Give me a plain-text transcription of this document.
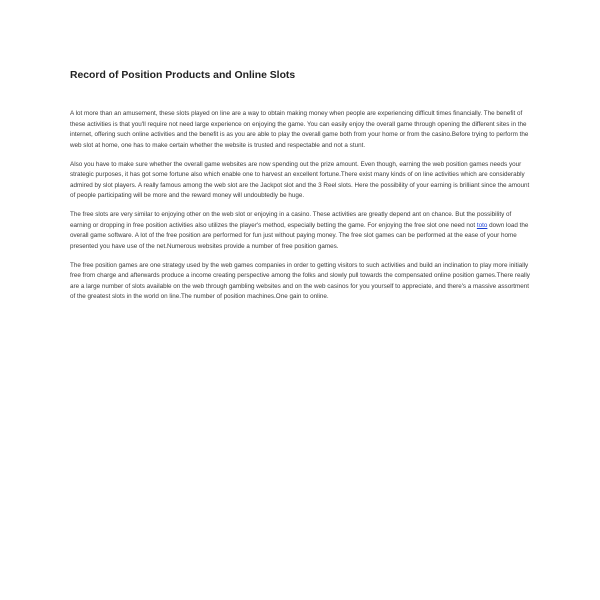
Record of Position Products and Online Slots

A lot more than an amusement, these slots played on line are a way to obtain making money when people are experiencing difficult times financially. The benefit of these activities is that you'll require not need large experience on enjoying the game. You can easily enjoy the overall game through opening the different sites in the internet, offering such online activities and the benefit is as you are able to play the overall game both from your home or from the casino.Before trying to perform the web slot at home, one has to make certain whether the website is trusted and respectable and not a stunt.

Also you have to make sure whether the overall game websites are now spending out the prize amount. Even though, earning the web position games needs your strategic purposes, it has got some fortune also which enable one to harvest an excellent fortune.There exist many kinds of on line activities which are considerably admired by slot players. A really famous among the web slot are the Jackpot slot and the 3 Reel slots. Here the possibility of your earning is brilliant since the amount of people participating will be more and the reward money will undoubtedly be huge.

The free slots are very similar to enjoying other on the web slot or enjoying in a casino. These activities are greatly depend ant on chance. But the possibility of earning or dropping in free position activities also utilizes the player's method, especially betting the game. For enjoying the free slot one need not toto down load the overall game software. A lot of the free position are performed for fun just without paying money. The free slot games can be performed at the ease of your home presented you have use of the net.Numerous websites provide a number of free position games.

The free position games are one strategy used by the web games companies in order to getting visitors to such activities and build an inclination to play more initially free from charge and afterwards produce a income creating perspective among the folks and slowly pull towards the compensated online position games.There really are a large number of slots available on the web through gambling websites and on the web casinos for you yourself to appreciate, and there's a massive assortment of the greatest slots in the world on line.The number of position machines.One gain to online.
